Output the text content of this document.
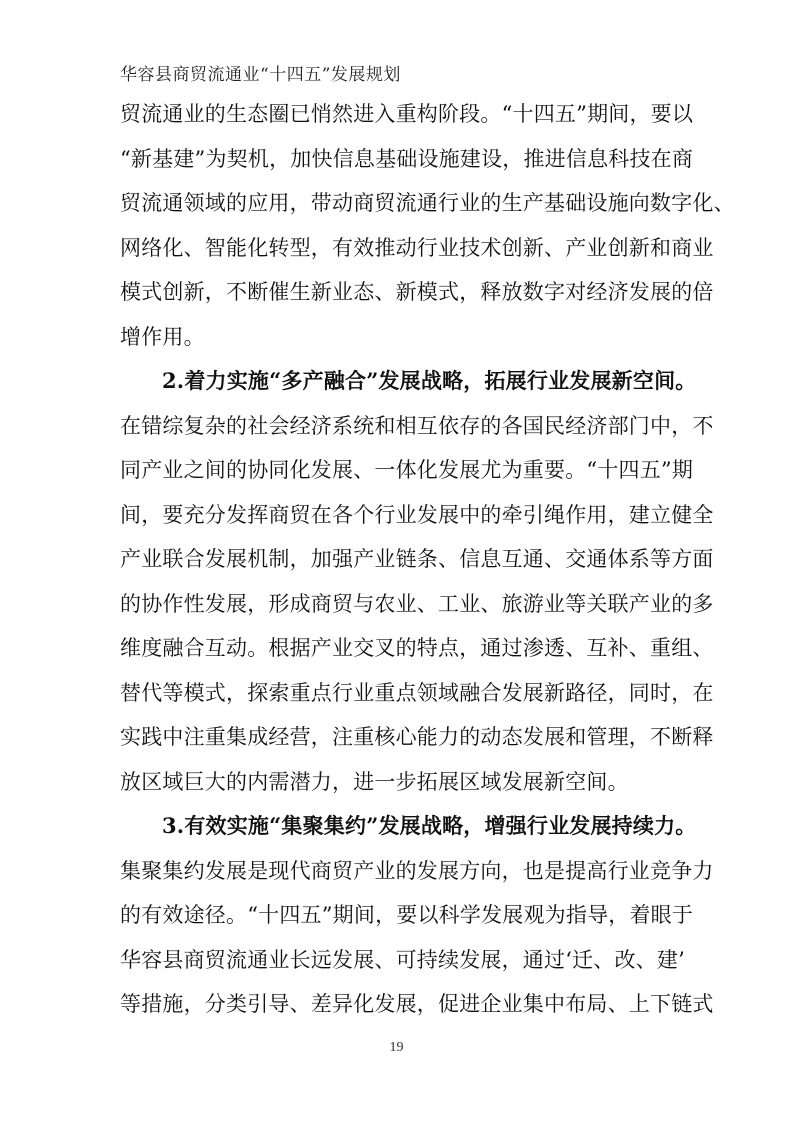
华容县商贸流通业“十四五”发展规划
贸流通业的生态圈已悄然进入重构阶段。“十四五”期间，要以
“新基建”为契机，加快信息基础设施建设，推进信息科技在商
贸流通领域的应用，带动商贸流通行业的生产基础设施向数字化、
网络化、智能化转型，有效推动行业技术创新、产业创新和商业
模式创新，不断催生新业态、新模式，释放数字对经济发展的倍
增作用。
2.着力实施“多产融合”发展战略，拓展行业发展新空间。
在错综复杂的社会经济系统和相互依存的各国民经济部门中，不
同产业之间的协同化发展、一体化发展尤为重要。“十四五”期
间，要充分发挥商贸在各个行业发展中的牵引绳作用，建立健全
产业联合发展机制，加强产业链条、信息互通、交通体系等方面
的协作性发展，形成商贸与农业、工业、旅游业等关联产业的多
维度融合互动。根据产业交叉的特点，通过渗透、互补、重组、
替代等模式，探索重点行业重点领域融合发展新路径，同时，在
实践中注重集成经营，注重核心能力的动态发展和管理，不断释
放区域巨大的内需潜力，进一步拓展区域发展新空间。
3.有效实施“集聚集约”发展战略，增强行业发展持续力。
集聚集约发展是现代商贸产业的发展方向，也是提高行业竞争力
的有效途径。“十四五”期间，要以科学发展观为指导，着眼于
华容县商贸流通业长远发展、可持续发展，通过‘迁、改、建’
等措施，分类引导、差异化发展，促进企业集中布局、上下链式
19
